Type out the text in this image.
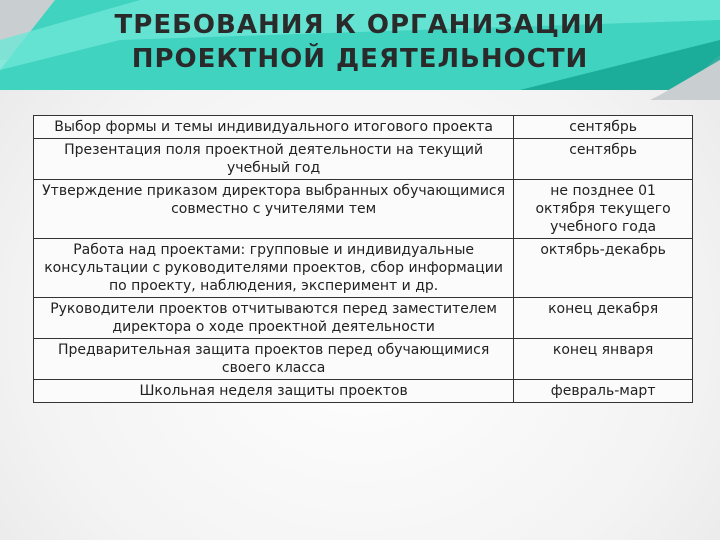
ТРЕБОВАНИЯ К ОРГАНИЗАЦИИ
ПРОЕКТНОЙ ДЕЯТЕЛЬНОСТИ
Выбор формы и темы индивидуального итогового проекта	сентябрь
Презентация поля проектной деятельности на текущий учебный год	сентябрь
Утверждение приказом директора выбранных обучающимися совместно с учителями тем	не позднее 01 октября текущего учебного года
Работа над проектами: групповые и индивидуальные консультации с руководителями проектов, сбор информации по проекту, наблюдения, эксперимент и др.	октябрь-декабрь
Руководители проектов отчитываются перед заместителем директора о ходе проектной деятельности	конец декабря
Предварительная защита проектов перед обучающимися своего класса	конец января
Школьная неделя защиты проектов	февраль-март
